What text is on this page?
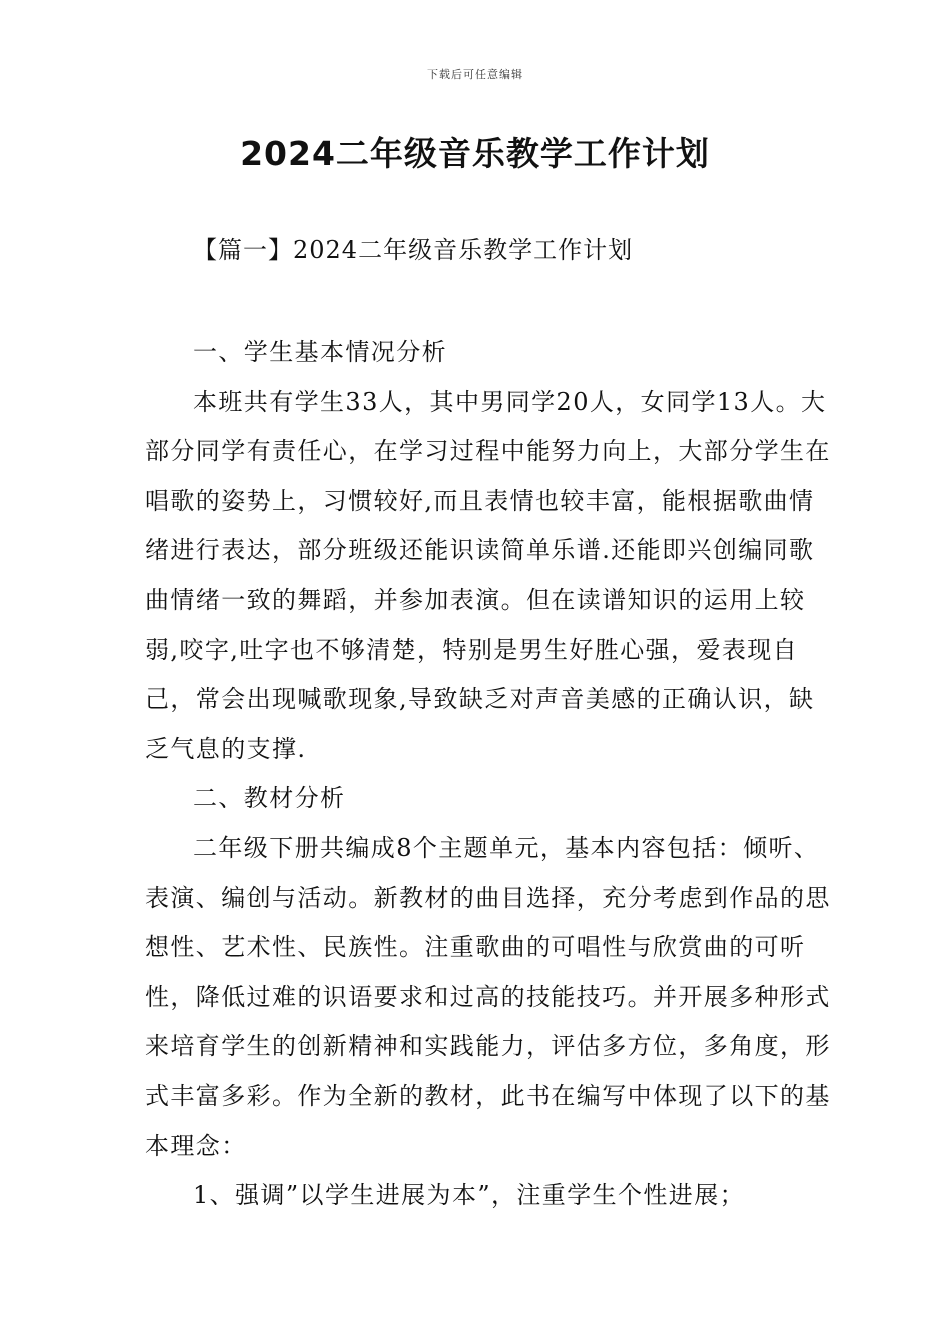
下载后可任意编辑
2024二年级音乐教学工作计划
【篇一】2024二年级音乐教学工作计划

一、学生基本情况分析

本班共有学生33人，其中男同学20人，女同学13人。大部分同学有责任心，在学习过程中能努力向上，大部分学生在唱歌的姿势上，习惯较好,而且表情也较丰富，能根据歌曲情绪进行表达，部分班级还能识读简单乐谱.还能即兴创编同歌曲情绪一致的舞蹈，并参加表演。但在读谱知识的运用上较弱,咬字,吐字也不够清楚，特别是男生好胜心强，爱表现自己，常会出现喊歌现象,导致缺乏对声音美感的正确认识，缺乏气息的支撑.

二、教材分析

二年级下册共编成8个主题单元，基本内容包括：倾听、表演、编创与活动。新教材的曲目选择，充分考虑到作品的思想性、艺术性、民族性。注重歌曲的可唱性与欣赏曲的可听性，降低过难的识语要求和过高的技能技巧。并开展多种形式来培育学生的创新精神和实践能力，评估多方位，多角度，形式丰富多彩。作为全新的教材，此书在编写中体现了以下的基本理念：

1、强调”以学生进展为本”，注重学生个性进展；
